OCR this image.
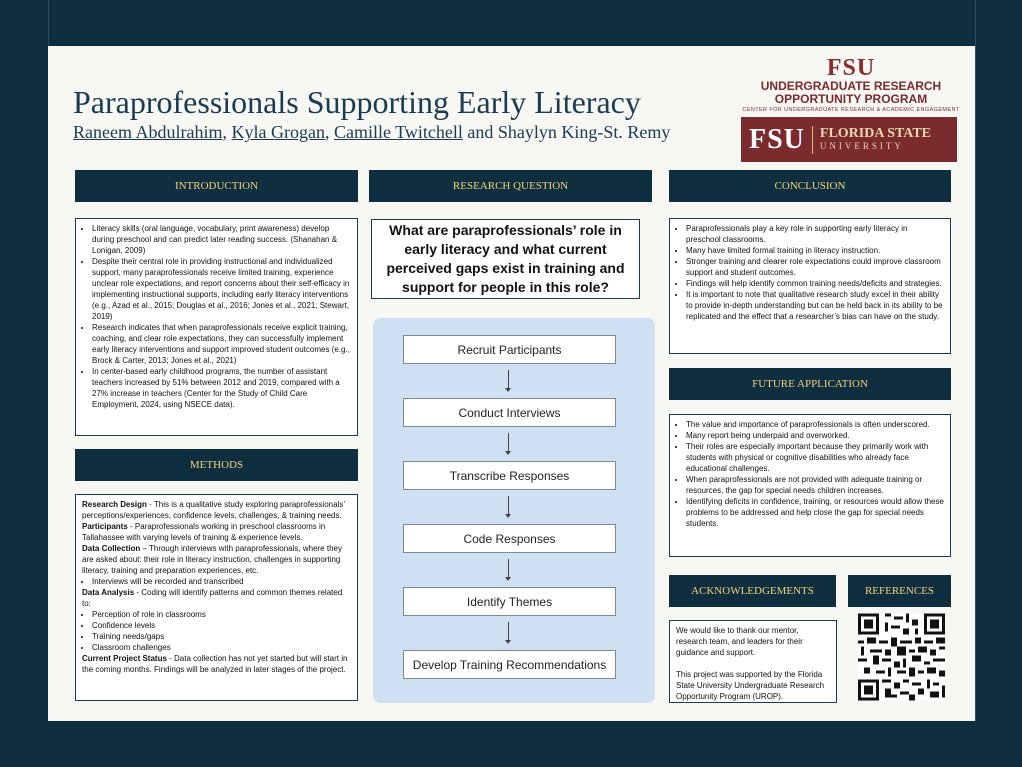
Paraprofessionals Supporting Early Literacy
Raneem Abdulrahim, Kyla Grogan, Camille Twitchell and Shaylyn King-St. Remy
FSU
UNDERGRADUATE RESEARCH
OPPORTUNITY PROGRAM
CENTER FOR UNDERGRADUATE RESEARCH & ACADEMIC ENGAGEMENT
FSU FLORIDA STATE
UNIVERSITY
INTRODUCTION
• Literacy skills (oral language, vocabulary, print awareness) develop during preschool and can predict later reading success. (Shanahan & Lonigan, 2009)
• Despite their central role in providing instructional and individualized support, many paraprofessionals receive limited training, experience unclear role expectations, and report concerns about their self-efficacy in implementing instructional supports, including early literacy interventions (e.g., Azad et al., 2015; Douglas et al., 2016; Jones et al., 2021; Stewart, 2019)
• Research indicates that when paraprofessionals receive explicit training, coaching, and clear role expectations, they can successfully implement early literacy interventions and support improved student outcomes (e.g., Brock & Carter, 2013; Jones et al., 2021)
• In center-based early childhood programs, the number of assistant teachers increased by 51% between 2012 and 2019, compared with a 27% increase in teachers (Center for the Study of Child Care Employment, 2024, using NSECE data).
METHODS

Research Design - This is a qualitative study exploring paraprofessionals’ perceptions/experiences, confidence levels, challenges, & training needs.

Participants - Paraprofessionals working in preschool classrooms in Tallahassee with varying levels of training & experience levels.

Data Collection – Through interviews with paraprofessionals, where they are asked about: their role in literacy instruction, challenges in supporting literacy, training and preparation experiences, etc.

• Interviews will be recorded and transcribed

Data Analysis - Coding will identify patterns and common themes related to:

• Perception of role in classrooms
• Confidence levels
• Training needs/gaps
• Classroom challenges

Current Project Status - Data collection has not yet started but will start in the coming months. Findings will be analyzed in later stages of the project.

RESEARCH QUESTION
What are paraprofessionals’ role in early literacy and what current perceived gaps exist in training and support for people in this role?
Recruit Participants
Conduct Interviews
Transcribe Responses
Code Responses
Identify Themes
Develop Training Recommendations
CONCLUSION
• Paraprofessionals play a key role in supporting early literacy in preschool classrooms.
• Many have limited formal training in literacy instruction.
• Stronger training and clearer role expectations could improve classroom support and student outcomes.
• Findings will help identify common training needs/deficits and strategies.
• It is important to note that qualitative research study excel in their ability to provide in-depth understanding but can be held back in its ability to be replicated and the effect that a researcher’s bias can have on the study.
FUTURE APPLICATION
• The value and importance of paraprofessionals is often underscored.
• Many report being underpaid and overworked.
• Their roles are especially important because they primarily work with students with physical or cognitive disabilities who already face educational challenges.
• When paraprofessionals are not provided with adequate training or resources, the gap for special needs children increases.
• Identifying deficits in confidence, training, or resources would allow these problems to be addressed and help close the gap for special needs students.
ACKNOWLEDGEMENTS

We would like to thank our mentor, research team, and leaders for their guidance and support.

This project was supported by the Florida State University Undergraduate Research Opportunity Program (UROP).

REFERENCES
